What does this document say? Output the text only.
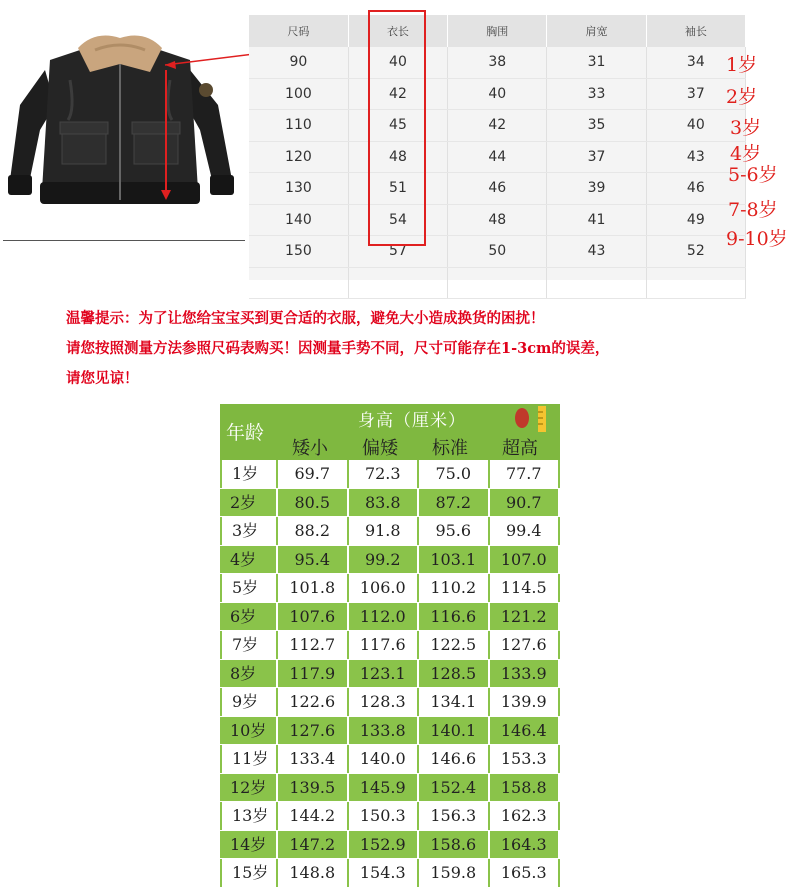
尺码	衣长	胸围	肩宽	袖长
90	40	38	31	34
100	42	40	33	37
110	45	42	35	40
120	48	44	37	43
130	51	46	39	46
140	54	48	41	49
150	57	50	43	52

1岁
2岁
3岁
4岁
5-6岁
7-8岁
9-10岁
温馨提示：为了让您给宝宝买到更合适的衣服，避免大小造成换货的困扰！
请您按照测量方法参照尺码表购买！因测量手势不同，尺寸可能存在1-3cm的误差，
请您见谅！
年龄
身高（厘米）
矮小 偏矮 标准 超高
1岁	69.7	72.3	75.0	77.7
2岁	80.5	83.8	87.2	90.7
3岁	88.2	91.8	95.6	99.4
4岁	95.4	99.2	103.1	107.0
5岁	101.8	106.0	110.2	114.5
6岁	107.6	112.0	116.6	121.2
7岁	112.7	117.6	122.5	127.6
8岁	117.9	123.1	128.5	133.9
9岁	122.6	128.3	134.1	139.9
10岁	127.6	133.8	140.1	146.4
11岁	133.4	140.0	146.6	153.3
12岁	139.5	145.9	152.4	158.8
13岁	144.2	150.3	156.3	162.3
14岁	147.2	152.9	158.6	164.3
15岁	148.8	154.3	159.8	165.3
